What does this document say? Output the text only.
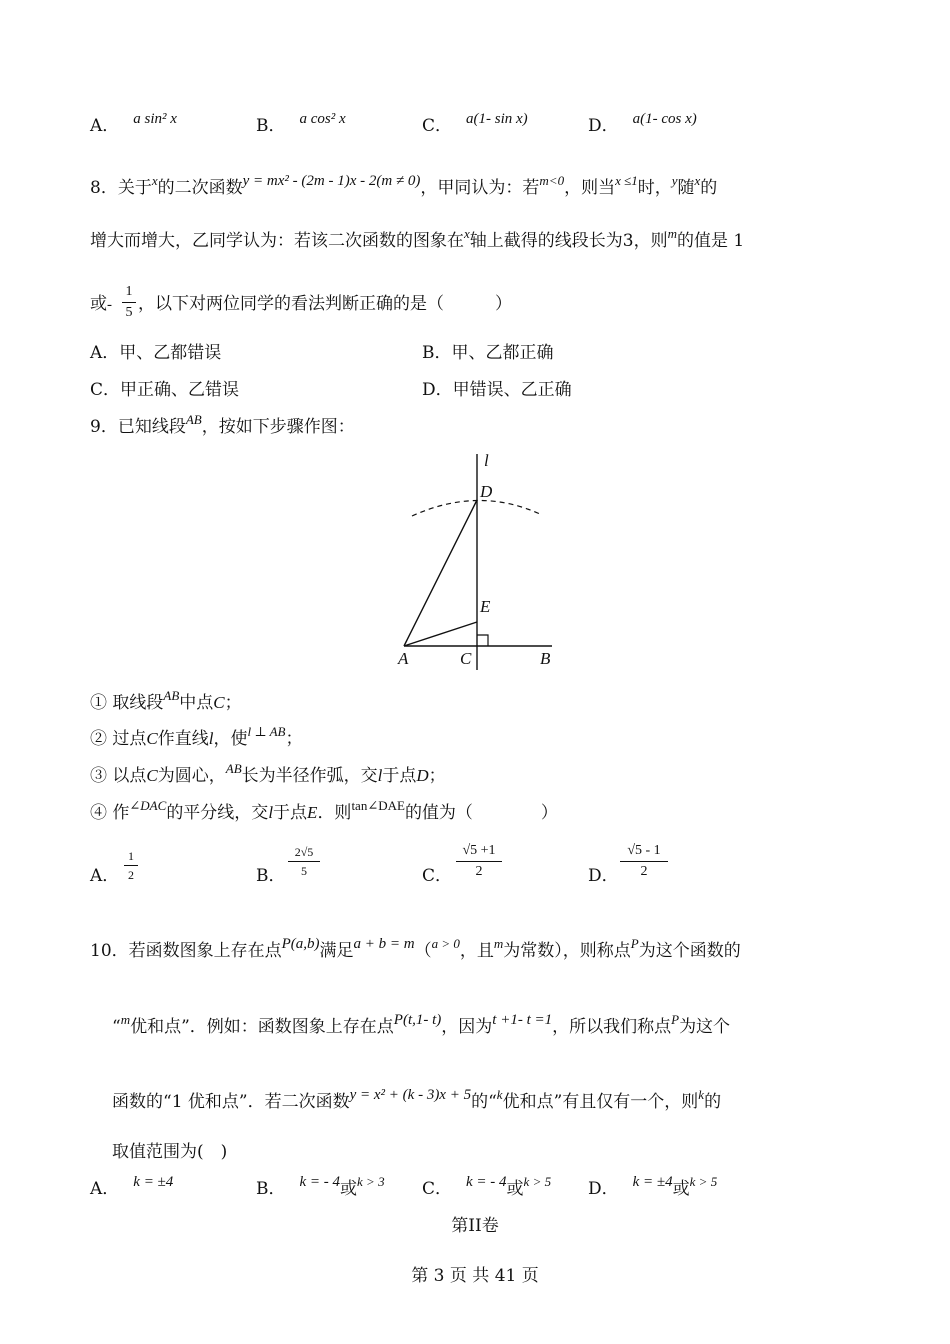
A． a sin² x	B． a cos² x	C． a(1- sin x)	D． a(1- cos x)
8．关于$^x$的二次函数y = mx² - (2m - 1)x - 2(m ≠ 0)，甲同认为：若$^{m<0}$，则当$^{x \le 1}$时，$^y$随$^x$的
增大而增大，乙同学认为：若该二次函数的图象在$^x$轴上截得的线段长为3，则$^m$的值是 1
或-
1
5 ，以下对两位同学的看法判断正确的是（　　　）
A．甲、乙都错误	B．甲、乙都正确
C．甲正确、乙错误	D．甲错误、乙正确
9．已知线段$^{AB}$，按如下步骤作图：
l
D
E
A	C	B
① 取线段$^{AB}$中点C；
② 过点C作直线l，使$^{l \perp AB}$；
③ 以点C为圆心，$^{AB}$长为半径作弧，交l于点D；
④ 作$^{\angle DAC}$的平分线，交l于点E．则$^{tan\angle DAE}$的值为（　　　　）
A．
1
2	B．
2√5
5	C．
√5 +1
2	D．
√5 - 1
2
10．若函数图象上存在点P(a,b)满足a + b = m（$^{a > 0}$，且$^m$为常数），则称点$^P$为这个函数的
“$^m$优和点”．例如：函数图象上存在点P(t,1- t)，因为t +1- t =1，所以我们称点$^P$为这个
函数的“1 优和点”．若二次函数y = x² + (k - 3)x + 5的“$^k$优和点”有且仅有一个，则$^k$的
取值范围为(　)
A． k = ±4	B． k = - 4或$^{k > 3}$ C． k = - 4或$^{k > 5}$ D． k = ±4或$^{k > 5}$
第II卷
第 3 页 共 41 页
